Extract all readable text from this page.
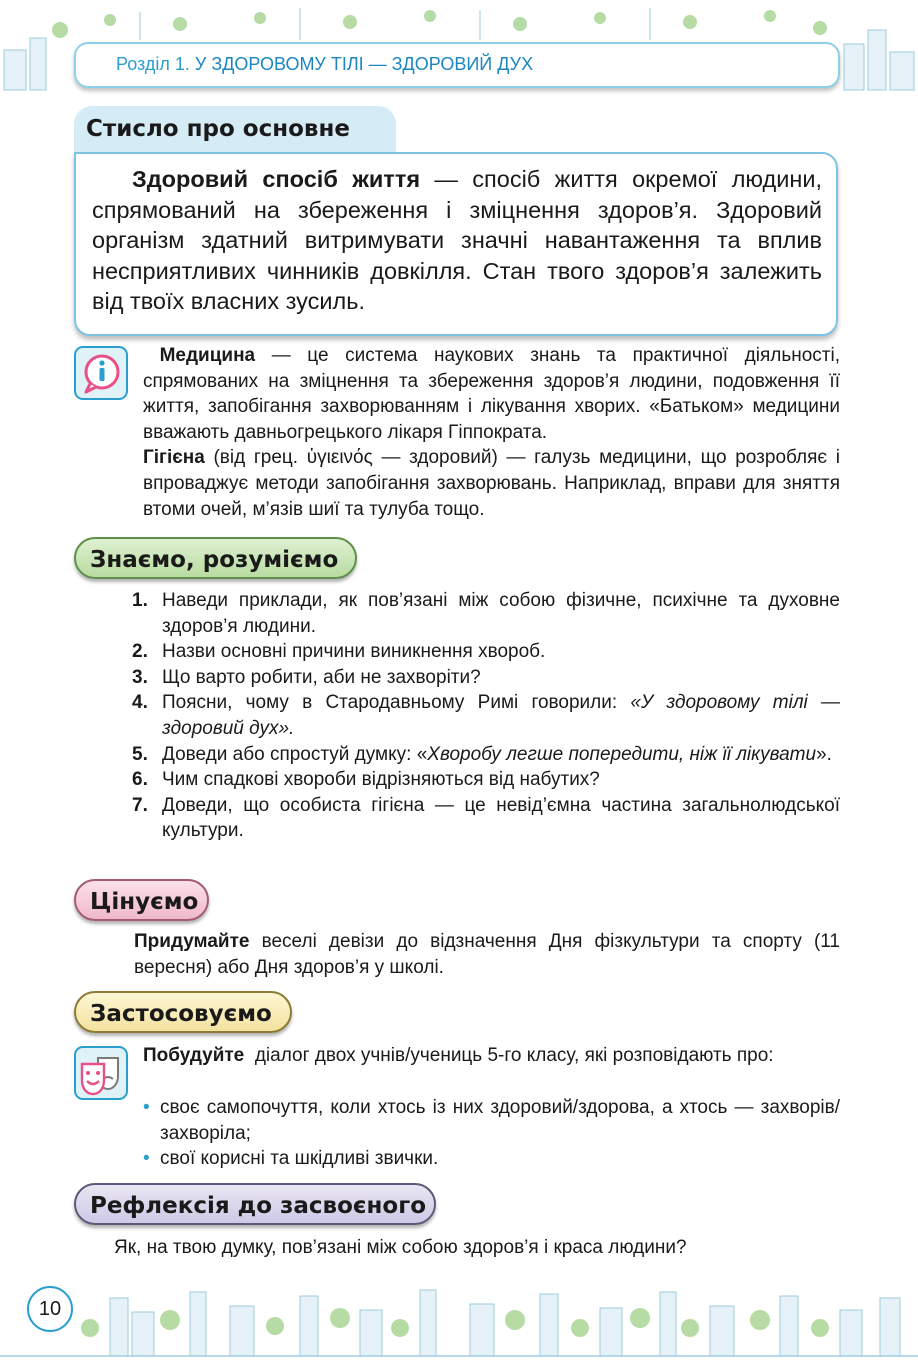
Розділ 1. У ЗДОРОВОМУ ТІЛІ — ЗДОРОВИЙ ДУХ
Стисло про основне

Здоровий спосіб життя — спосіб життя окремої людини, спрямований на збереження і зміцнення здоров’я. Здоровий організм здатний витримувати значні навантаження та вплив несприятливих чинників довкілля. Стан твого здоров’я залежить від твоїх власних зусиль.

Медицина — це система наукових знань та практичної діяльності, спрямованих на зміцнення та збереження здоров’я людини, подовження її життя, запобігання захворюванням і лікування хворих. «Батьком» медицини вважають давньогрецького лікаря Гіппократа.
Гігієна (від грец. ὑγιεινός — здоровий) — галузь медицини, що розробляє і впроваджує методи запобігання захворювань. Наприклад, вправи для зняття втоми очей, м’язів шиї та тулуба тощо.

Знаємо, розуміємо
1. Наведи приклади, як пов’язані між собою фізичне, психічне та духовне здоров’я людини.
2. Назви основні причини виникнення хвороб.
3. Що варто робити, аби не захворіти?
4. Поясни, чому в Стародавньому Римі говорили: «У здоровому тілі — здоровий дух».
5. Доведи або спростуй думку: «Хворобу легше попередити, ніж її лікувати».
6. Чим спадкові хвороби відрізняються від набутих?
7. Доведи, що особиста гігієна — це невід’ємна частина загальнолюдської культури.
Цінуємо

Придумайте веселі девізи до відзначення Дня фізкультури та спорту (11 вересня) або Дня здоров’я у школі.

Застосовуємо

Побудуйте  діалог двох учнів/учениць 5-го класу, які розповідають про:

• своє самопочуття, коли хтось із них здоровий/здорова, а хтось — захворів/захворіла;
• свої корисні та шкідливі звички.
Рефлексія до засвоєного

Як, на твою думку, пов’язані між собою здоров’я і краса людини?

10
